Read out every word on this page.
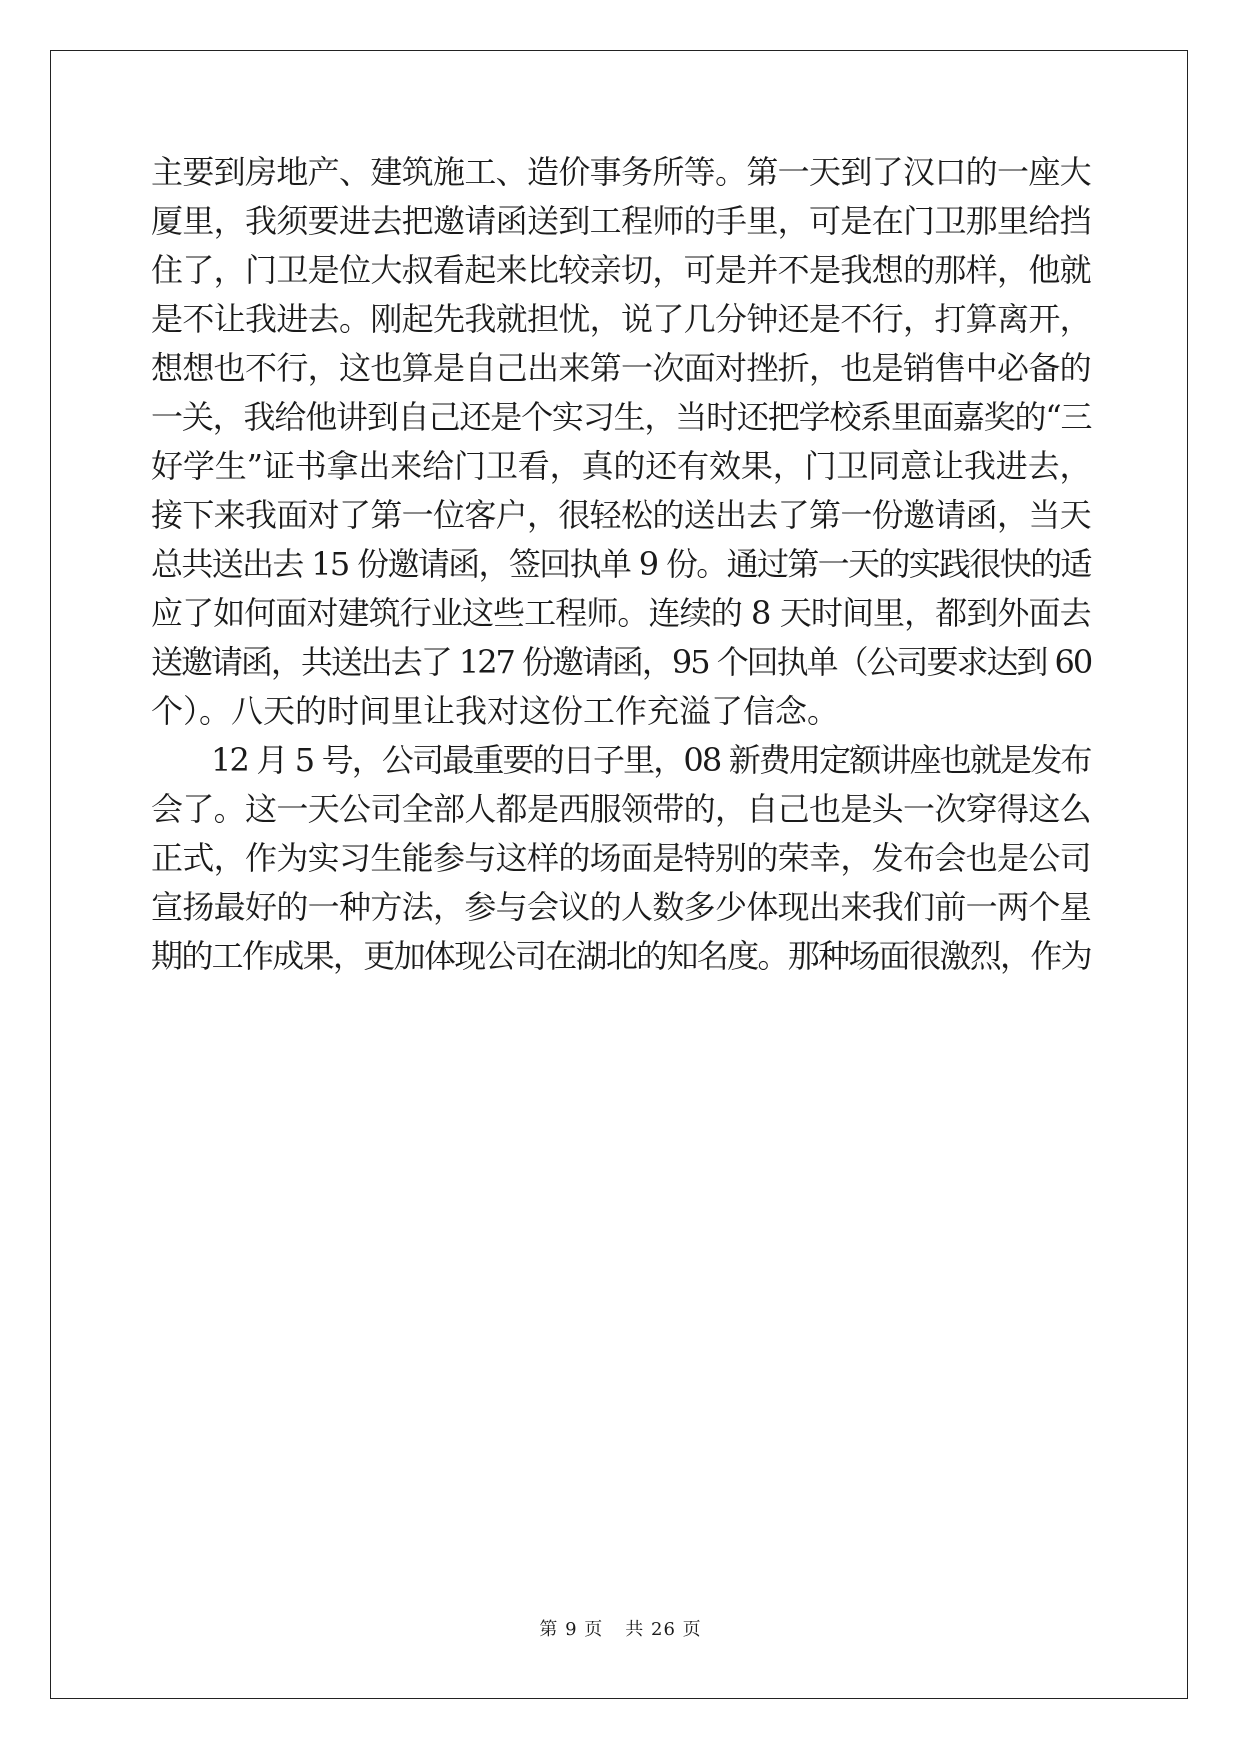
主要到房地产、建筑施工、造价事务所等。第一天到了汉口的一座大
厦里，我须要进去把邀请函送到工程师的手里，可是在门卫那里给挡
住了，门卫是位大叔看起来比较亲切，可是并不是我想的那样，他就
是不让我进去。刚起先我就担忧，说了几分钟还是不行，打算离开，
想想也不行，这也算是自己出来第一次面对挫折，也是销售中必备的
一关，我给他讲到自己还是个实习生，当时还把学校系里面嘉奖的“三
好学生”证书拿出来给门卫看，真的还有效果，门卫同意让我进去，
接下来我面对了第一位客户，很轻松的送出去了第一份邀请函，当天
总共送出去 15 份邀请函，签回执单 9 份。通过第一天的实践很快的适
应了如何面对建筑行业这些工程师。连续的 8 天时间里，都到外面去
送邀请函，共送出去了 127 份邀请函，95 个回执单（公司要求达到 60
个）。八天的时间里让我对这份工作充溢了信念。
12 月 5 号，公司最重要的日子里，08 新费用定额讲座也就是发布
会了。这一天公司全部人都是西服领带的，自己也是头一次穿得这么
正式，作为实习生能参与这样的场面是特别的荣幸，发布会也是公司
宣扬最好的一种方法，参与会议的人数多少体现出来我们前一两个星
期的工作成果，更加体现公司在湖北的知名度。那种场面很激烈，作为
第 9 页 共 26 页
